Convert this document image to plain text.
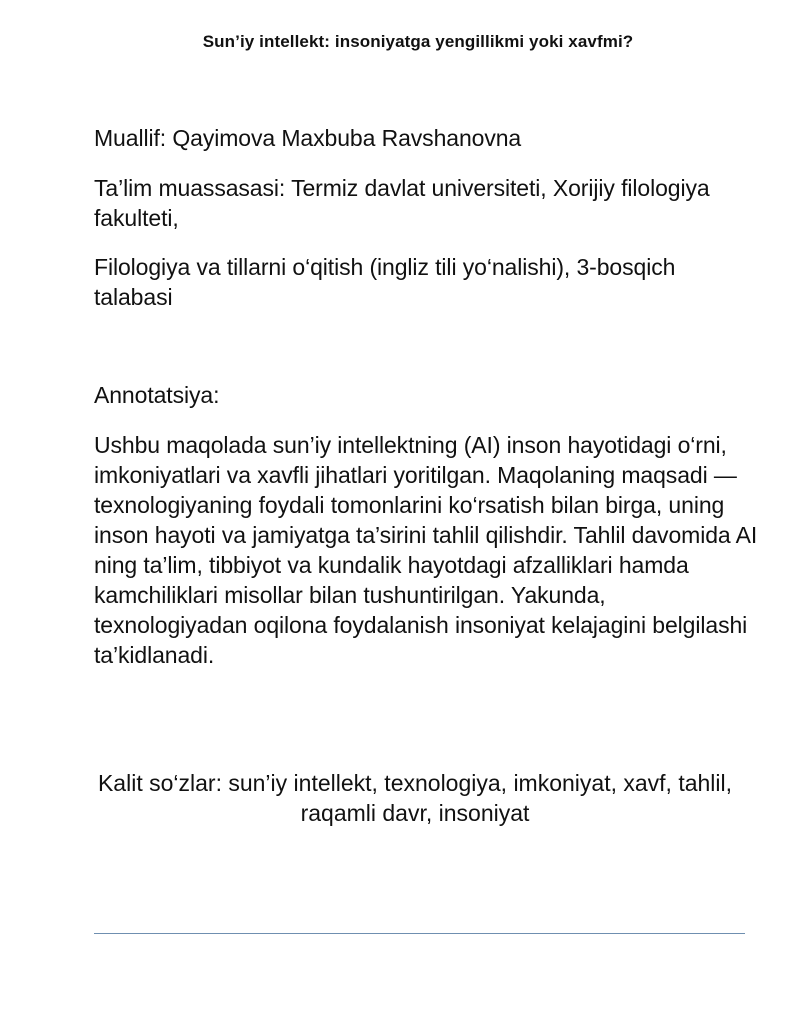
Sun’iy intellekt: insoniyatga yengillikmi yoki xavfmi?
Muallif: Qayimova Maxbuba Ravshanovna
Ta’lim muassasasi: Termiz davlat universiteti, Xorijiy filologiya fakulteti,
Filologiya va tillarni o‘qitish (ingliz tili yo‘nalishi), 3-bosqich talabasi
Annotatsiya:
Ushbu maqolada sun’iy intellektning (AI) inson hayotidagi o‘rni, imkoniyatlari va xavfli jihatlari yoritilgan. Maqolaning maqsadi — texnologiyaning foydali tomonlarini ko‘rsatish bilan birga, uning inson hayoti va jamiyatga ta’sirini tahlil qilishdir. Tahlil davomida AI ning ta’lim, tibbiyot va kundalik hayotdagi afzalliklari hamda kamchiliklari misollar bilan tushuntirilgan. Yakunda, texnologiyadan oqilona foydalanish insoniyat kelajagini belgilashi ta’kidlanadi.
Kalit so‘zlar: sun’iy intellekt, texnologiya, imkoniyat, xavf, tahlil, raqamli davr, insoniyat
